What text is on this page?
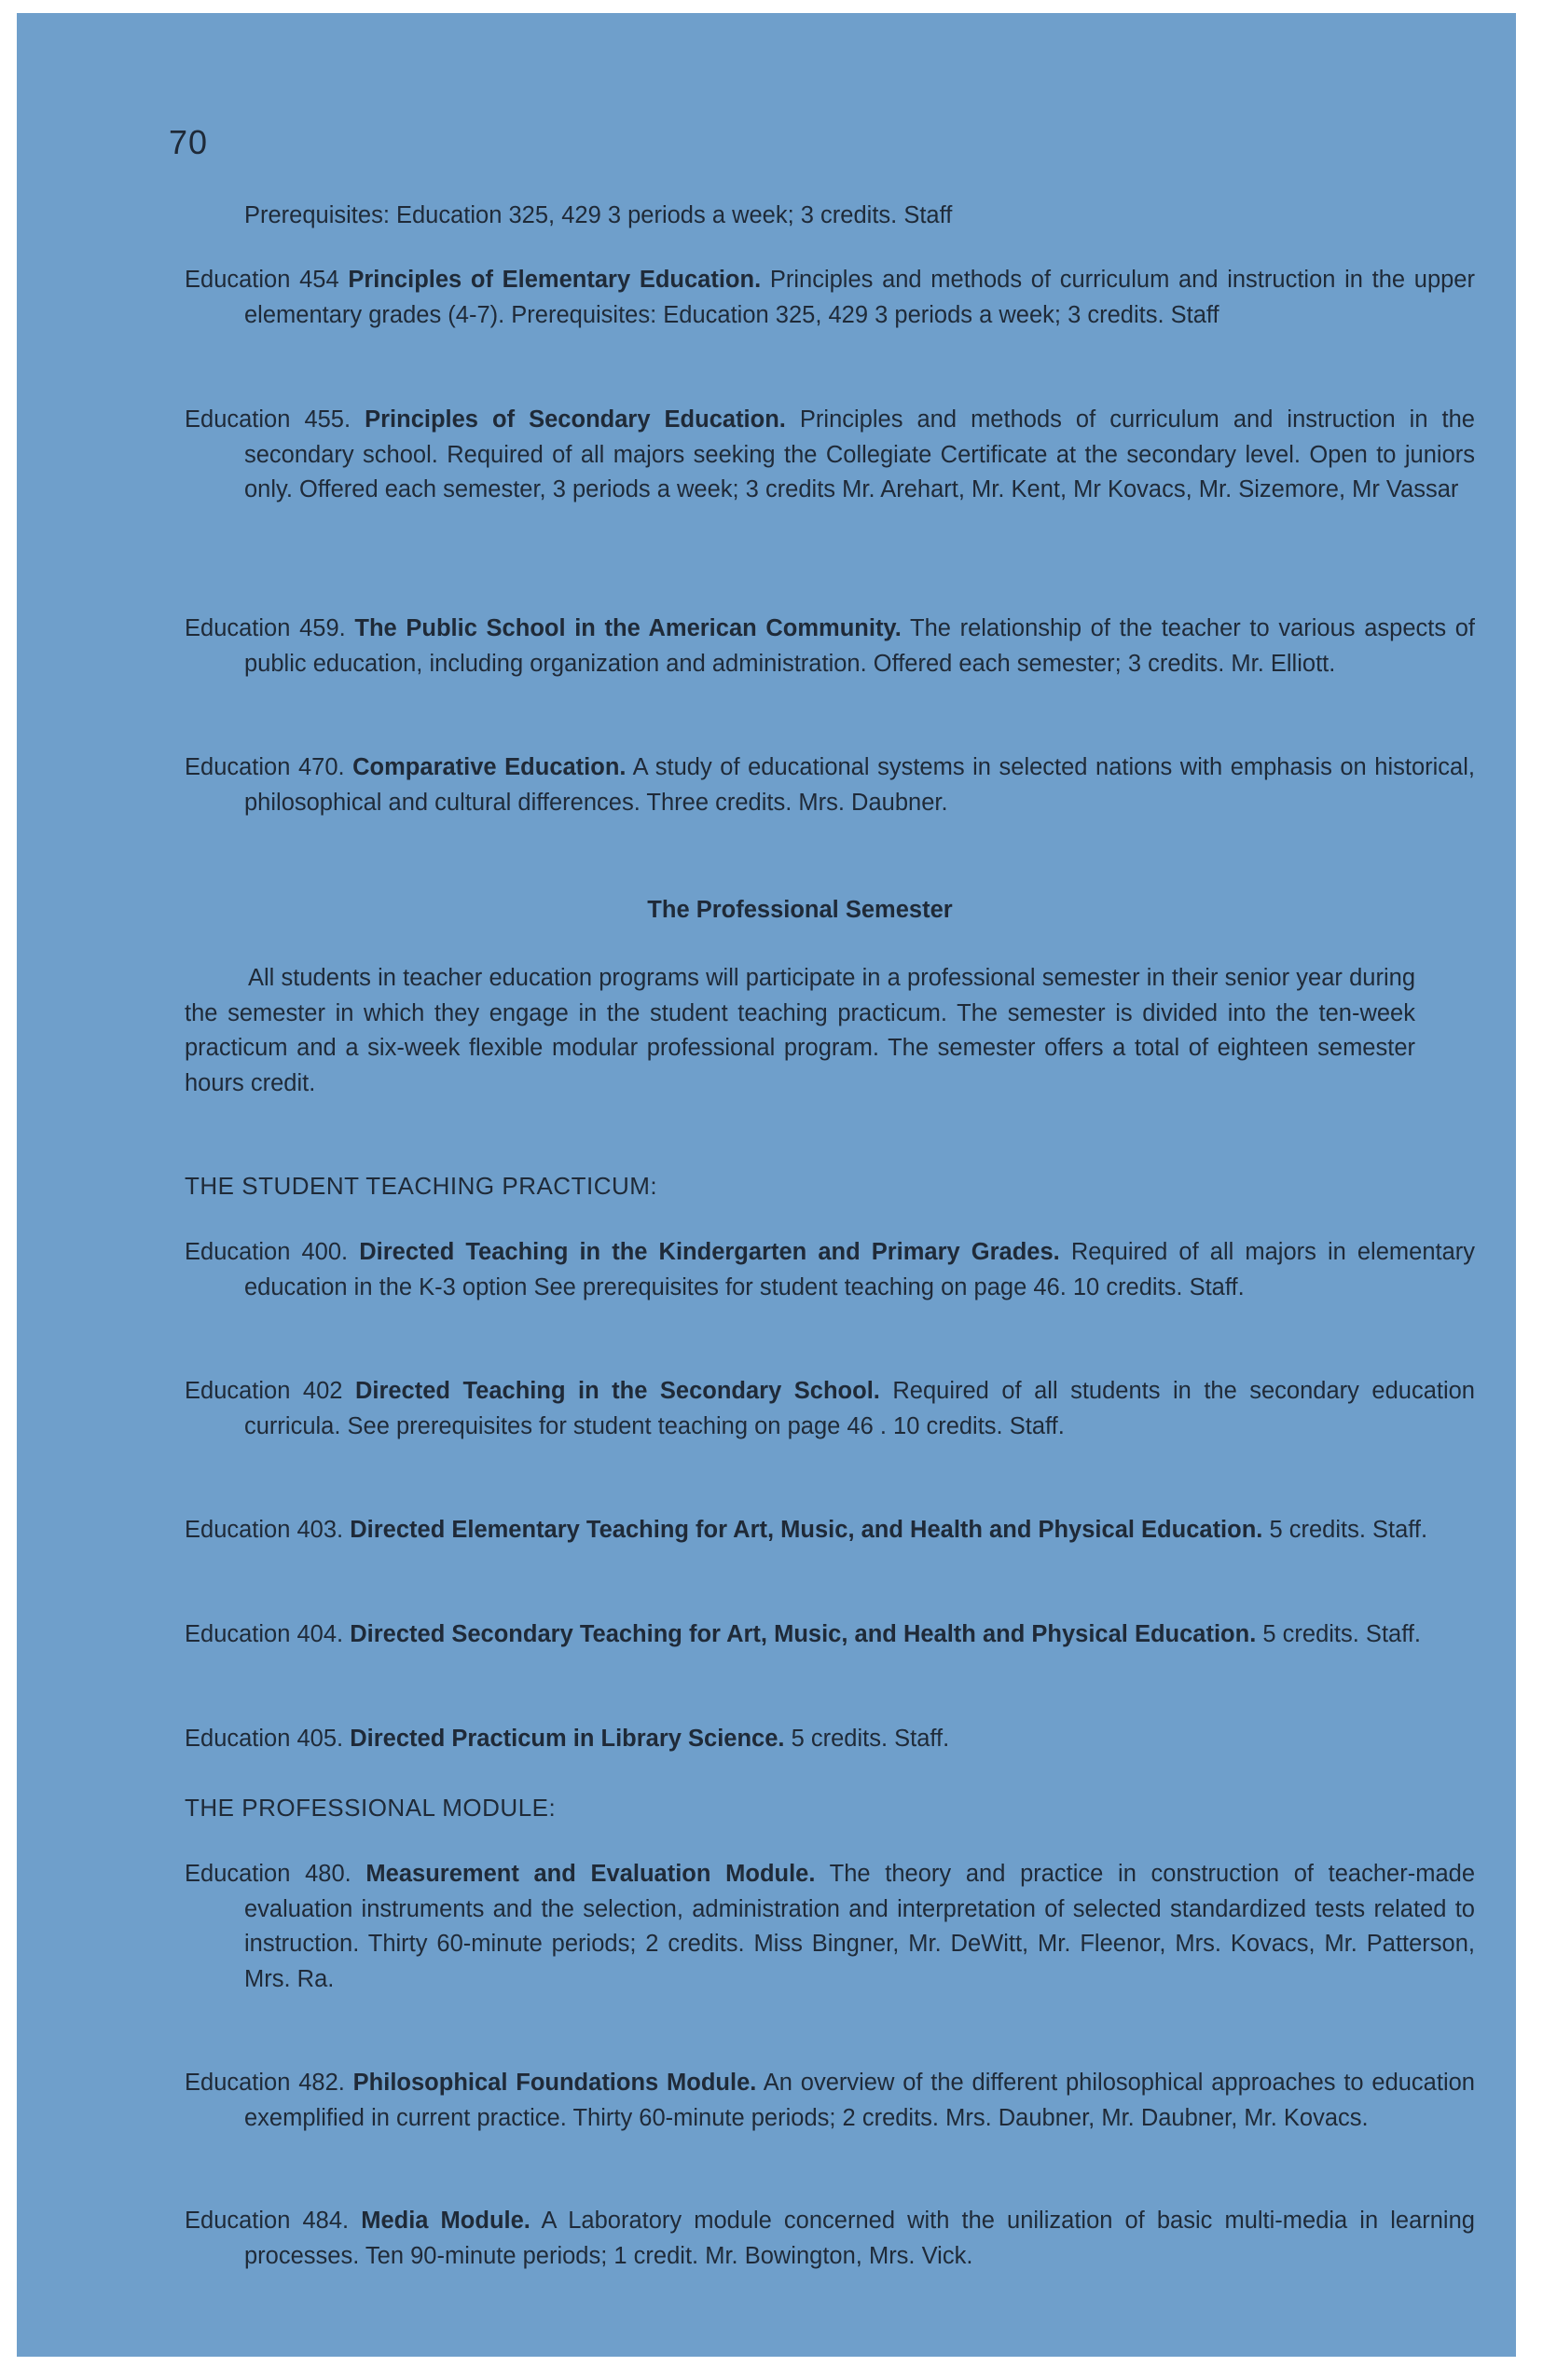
70
Prerequisites: Education 325, 429 3 periods a week; 3 credits. Staff
Education 454 Principles of Elementary Education. Principles and methods of curriculum and instruction in the upper elementary grades (4-7). Prerequisites: Education 325, 429 3 periods a week; 3 credits. Staff
Education 455. Principles of Secondary Education. Principles and methods of curriculum and instruction in the secondary school. Required of all majors seeking the Collegiate Certificate at the secondary level. Open to juniors only. Offered each semester, 3 periods a week; 3 credits Mr. Arehart, Mr. Kent, Mr Kovacs, Mr. Sizemore, Mr Vassar
Education 459. The Public School in the American Community. The relationship of the teacher to various aspects of public education, including organization and administration. Offered each semester; 3 credits. Mr. Elliott.
Education 470. Comparative Education. A study of educational systems in selected nations with emphasis on historical, philosophical and cultural differences. Three credits. Mrs. Daubner.
The Professional Semester
All students in teacher education programs will participate in a professional semester in their senior year during the semester in which they engage in the student teaching practicum. The semester is divided into the ten-week practicum and a six-week flexible modular professional program. The semester offers a total of eighteen semester hours credit.
THE STUDENT TEACHING PRACTICUM:
Education 400. Directed Teaching in the Kindergarten and Primary Grades. Required of all majors in elementary education in the K-3 option See prerequisites for student teaching on page 46. 10 credits. Staff.
Education 402 Directed Teaching in the Secondary School. Required of all students in the secondary education curricula. See prerequisites for student teaching on page 46 . 10 credits. Staff.
Education 403. Directed Elementary Teaching for Art, Music, and Health and Physical Education. 5 credits. Staff.
Education 404. Directed Secondary Teaching for Art, Music, and Health and Physical Education. 5 credits. Staff.
Education 405. Directed Practicum in Library Science. 5 credits. Staff.
THE PROFESSIONAL MODULE:
Education 480. Measurement and Evaluation Module. The theory and practice in construction of teacher-made evaluation instruments and the selection, administration and interpretation of selected standardized tests related to instruction. Thirty 60-minute periods; 2 credits. Miss Bingner, Mr. DeWitt, Mr. Fleenor, Mrs. Kovacs, Mr. Patterson, Mrs. Ra.
Education 482. Philosophical Foundations Module. An overview of the different philosophical approaches to education exemplified in current practice. Thirty 60-minute periods; 2 credits. Mrs. Daubner, Mr. Daubner, Mr. Kovacs.
Education 484. Media Module. A Laboratory module concerned with the unilization of basic multi-media in learning processes. Ten 90-minute periods; 1 credit. Mr. Bowington, Mrs. Vick.
